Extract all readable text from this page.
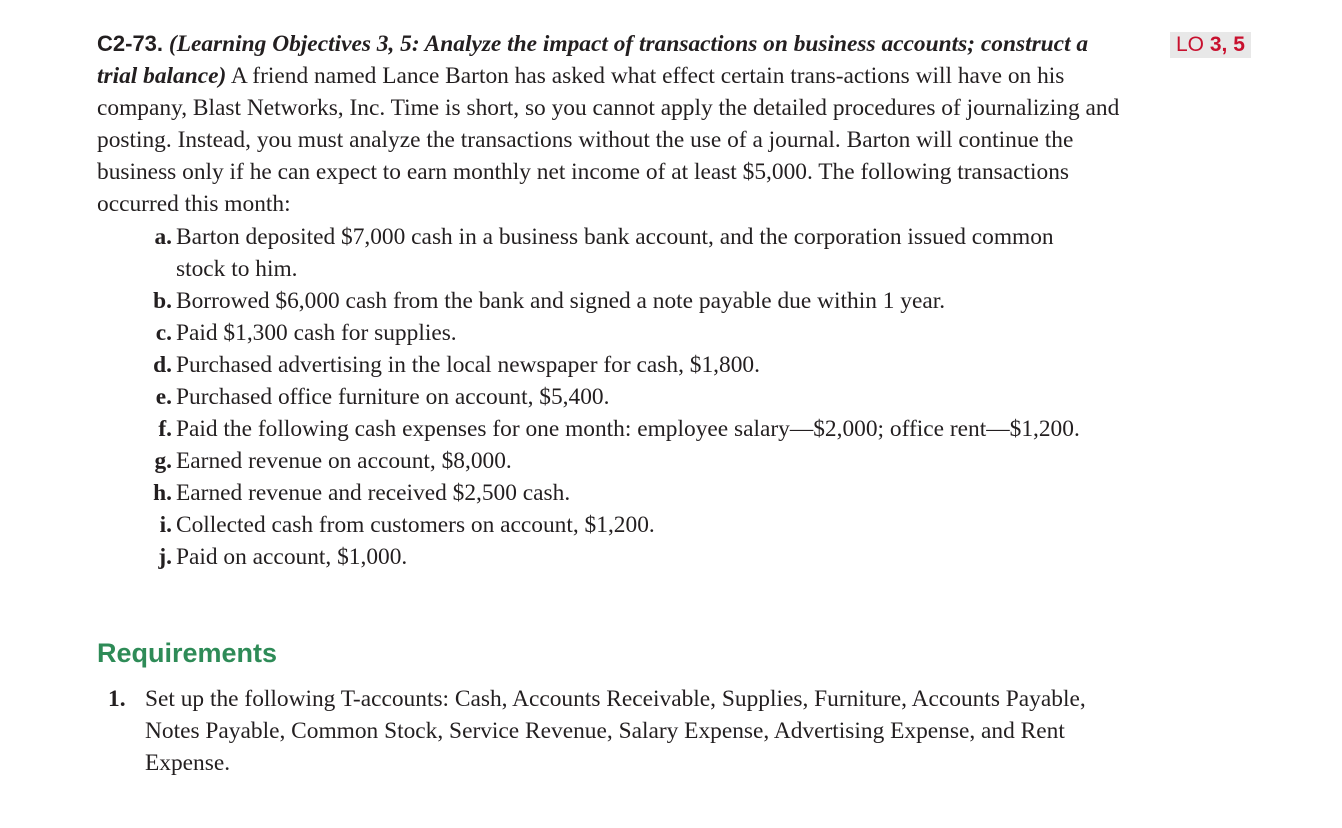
LO 3, 5

C2-73. (Learning Objectives 3, 5: Analyze the impact of transactions on business accounts; construct a trial balance) A friend named Lance Barton has asked what effect certain trans-actions will have on his company, Blast Networks, Inc. Time is short, so you cannot apply the detailed procedures of journalizing and posting. Instead, you must analyze the transactions without the use of a journal. Barton will continue the business only if he can expect to earn monthly net income of at least $5,000. The following transactions occurred this month:

a. Barton deposited $7,000 cash in a business bank account, and the corporation issued common stock to him.
b. Borrowed $6,000 cash from the bank and signed a note payable due within 1 year.
c. Paid $1,300 cash for supplies.
d. Purchased advertising in the local newspaper for cash, $1,800.
e. Purchased office furniture on account, $5,400.
f. Paid the following cash expenses for one month: employee salary—$2,000; office rent—$1,200.
g. Earned revenue on account, $8,000.
h. Earned revenue and received $2,500 cash.
i. Collected cash from customers on account, $1,200.
j. Paid on account, $1,000.
Requirements
1. Set up the following T-accounts: Cash, Accounts Receivable, Supplies, Furniture, Accounts Payable, Notes Payable, Common Stock, Service Revenue, Salary Expense, Advertising Expense, and Rent Expense.
